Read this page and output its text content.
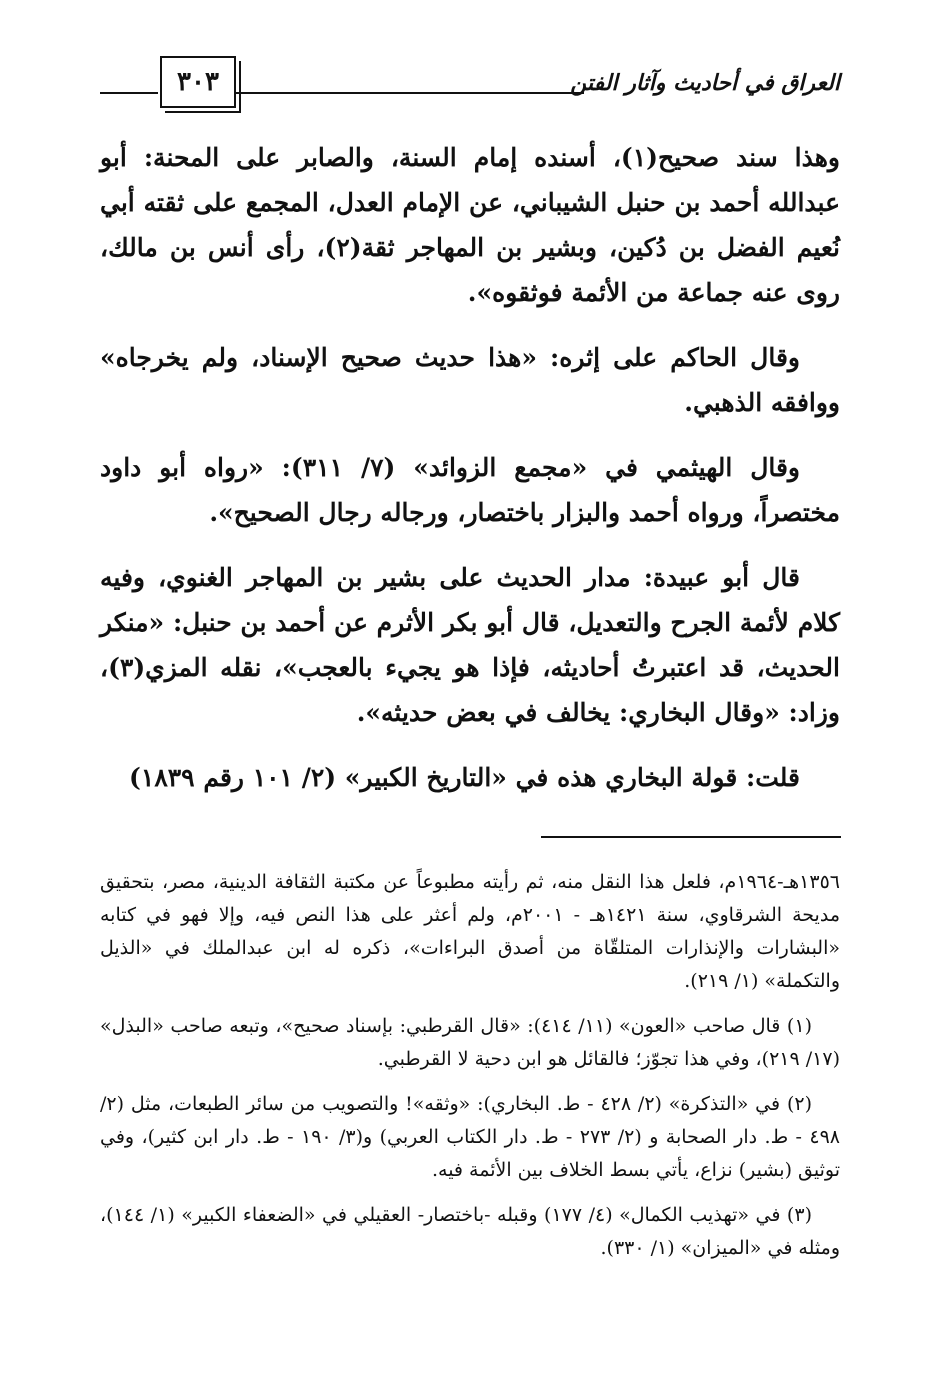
٣٠٣	العراق في أحاديث وآثار الفتن

وهذا سند صحيح(١)، أسنده إمام السنة، والصابر على المحنة: أبو عبدالله أحمد بن حنبل الشيباني، عن الإمام العدل، المجمع على ثقته أبي نُعيم الفضل بن دُكين، وبشير بن المهاجر ثقة(٢)، رأى أنس بن مالك، روى عنه جماعة من الأئمة فوثقوه».

وقال الحاكم على إثره: «هذا حديث صحيح الإسناد، ولم يخرجاه» ووافقه الذهبي.

وقال الهيثمي في «مجمع الزوائد» (٧/ ٣١١): «رواه أبو داود مختصراً، ورواه أحمد والبزار باختصار، ورجاله رجال الصحيح».

قال أبو عبيدة: مدار الحديث على بشير بن المهاجر الغنوي، وفيه كلام لأئمة الجرح والتعديل، قال أبو بكر الأثرم عن أحمد بن حنبل: «منكر الحديث، قد اعتبرتُ أحاديثه، فإذا هو يجيء بالعجب»، نقله المزي(٣)، وزاد: «وقال البخاري: يخالف في بعض حديثه».

قلت: قولة البخاري هذه في «التاريخ الكبير» (٢/ ١٠١ رقم ١٨٣٩)

١٣٥٦هـ-١٩٦٤م، فلعل هذا النقل منه، ثم رأيته مطبوعاً عن مكتبة الثقافة الدينية، مصر، بتحقيق مديحة الشرقاوي، سنة ١٤٢١هـ - ٢٠٠١م، ولم أعثر على هذا النص فيه، وإلا فهو في كتابه «البشارات والإنذارات المتلقّاة من أصدق البراءات»، ذكره له ابن عبدالملك في «الذيل والتكملة» (١/ ٢١٩).

(١) قال صاحب «العون» (١١/ ٤١٤): «قال القرطبي: بإسناد صحيح»، وتبعه صاحب «البذل» (١٧/ ٢١٩)، وفي هذا تجوّز؛ فالقائل هو ابن دحية لا القرطبي.

(٢) في «التذكرة» (٢/ ٤٢٨ - ط. البخاري): «وثقه»! والتصويب من سائر الطبعات، مثل (٢/ ٤٩٨ - ط. دار الصحابة و (٢/ ٢٧٣ - ط. دار الكتاب العربي) و(٣/ ١٩٠ - ط. دار ابن كثير)، وفي توثيق (بشير) نزاع، يأتي بسط الخلاف بين الأئمة فيه.

(٣) في «تهذيب الكمال» (٤/ ١٧٧) وقبله -باختصار- العقيلي في «الضعفاء الكبير» (١/ ١٤٤)، ومثله في «الميزان» (١/ ٣٣٠).
